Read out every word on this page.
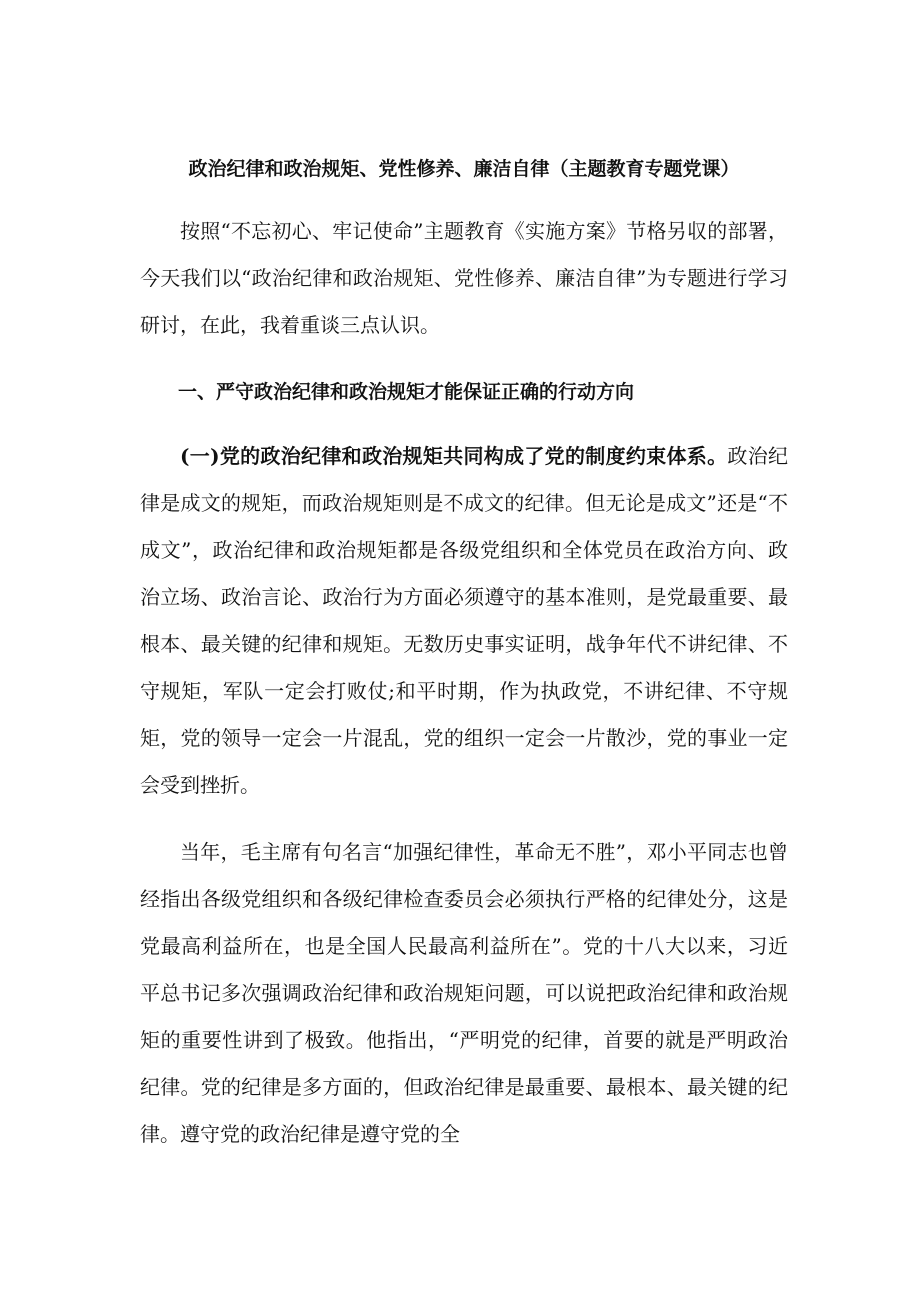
政治纪律和政治规矩、党性修养、廉洁自律（主题教育专题党课）

按照“不忘初心、牢记使命”主题教育《实施方案》节格另収的部署，今天我们以“政治纪律和政治规矩、党性修养、廉洁自律”为专题进行学习研讨，在此，我着重谈三点认识。

一、严守政治纪律和政治规矩才能保证正确的行动方向

(一)党的政治纪律和政治规矩共同构成了党的制度约束体系。政治纪律是成文的规矩，而政治规矩则是不成文的纪律。但无论是成文”还是“不成文”，政治纪律和政治规矩都是各级党组织和全体党员在政治方向、政治立场、政治言论、政治行为方面必须遵守的基本准则，是党最重要、最根本、最关键的纪律和规矩。无数历史事实证明，战争年代不讲纪律、不守规矩，军队一定会打败仗;和平时期，作为执政党，不讲纪律、不守规矩，党的领导一定会一片混乱，党的组织一定会一片散沙，党的事业一定会受到挫折。

当年，毛主席有句名言“加强纪律性，革命无不胜”，邓小平同志也曾经指出各级党组织和各级纪律检查委员会必须执行严格的纪律处分，这是党最高利益所在，也是全国人民最高利益所在”。党的十八大以来，习近平总书记多次强调政治纪律和政治规矩问题，可以说把政治纪律和政治规矩的重要性讲到了极致。他指出，“严明党的纪律，首要的就是严明政治纪律。党的纪律是多方面的，但政治纪律是最重要、最根本、最关键的纪律。遵守党的政治纪律是遵守党的全
